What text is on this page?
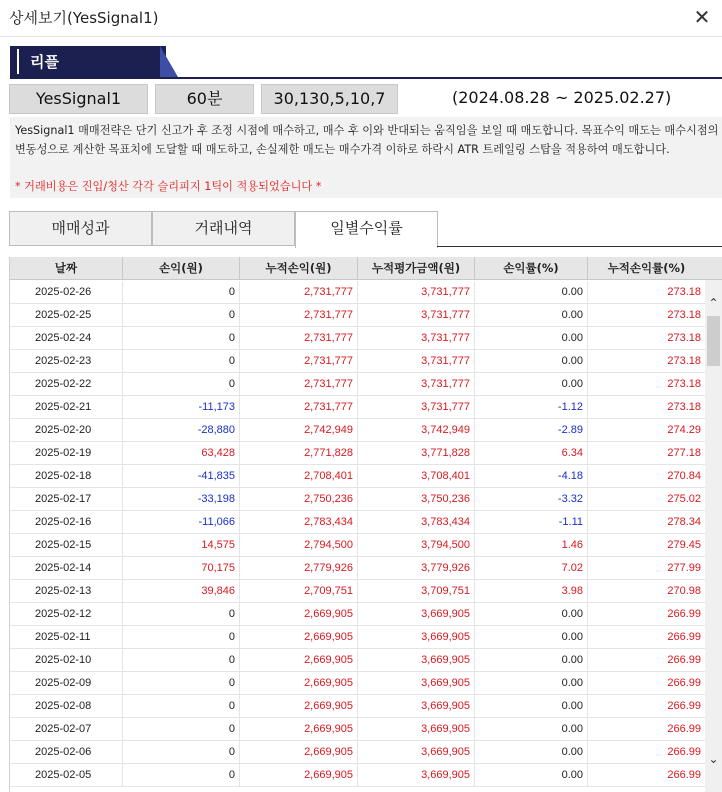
상세보기(YesSignal1)	✕
리플
YesSignal1	60분	30,130,5,10,7	(2024.08.28 ~ 2025.02.27)
YesSignal1 매매전략은 단기 신고가 후 조정 시점에 매수하고, 매수 후 이와 반대되는 움직임을 보일 때 매도합니다. 목표수익 매도는 매수시점의 변동성으로 계산한 목표치에 도달할 때 매도하고, 손실제한 매도는 매수가격 이하로 하락시 ATR 트레일링 스탑을 적용하여 매도합니다.
* 거래비용은 진입/청산 각각 슬리피지 1틱이 적용되었습니다 *
매매성과	거래내역	일별수익률
날짜	손익(원)	누적손익(원)	누적평가금액(원)	손익률(%)	누적손익률(%)
2025-02-26	0	2,731,777	3,731,777	0.00	273.18
2025-02-25	0	2,731,777	3,731,777	0.00	273.18
2025-02-24	0	2,731,777	3,731,777	0.00	273.18
2025-02-23	0	2,731,777	3,731,777	0.00	273.18
2025-02-22	0	2,731,777	3,731,777	0.00	273.18
2025-02-21	-11,173	2,731,777	3,731,777	-1.12	273.18
2025-02-20	-28,880	2,742,949	3,742,949	-2.89	274.29
2025-02-19	63,428	2,771,828	3,771,828	6.34	277.18
2025-02-18	-41,835	2,708,401	3,708,401	-4.18	270.84
2025-02-17	-33,198	2,750,236	3,750,236	-3.32	275.02
2025-02-16	-11,066	2,783,434	3,783,434	-1.11	278.34
2025-02-15	14,575	2,794,500	3,794,500	1.46	279.45
2025-02-14	70,175	2,779,926	3,779,926	7.02	277.99
2025-02-13	39,846	2,709,751	3,709,751	3.98	270.98
2025-02-12	0	2,669,905	3,669,905	0.00	266.99
2025-02-11	0	2,669,905	3,669,905	0.00	266.99
2025-02-10	0	2,669,905	3,669,905	0.00	266.99
2025-02-09	0	2,669,905	3,669,905	0.00	266.99
2025-02-08	0	2,669,905	3,669,905	0.00	266.99
2025-02-07	0	2,669,905	3,669,905	0.00	266.99
2025-02-06	0	2,669,905	3,669,905	0.00	266.99
2025-02-05	0	2,669,905	3,669,905	0.00	266.99
⌃
⌄
